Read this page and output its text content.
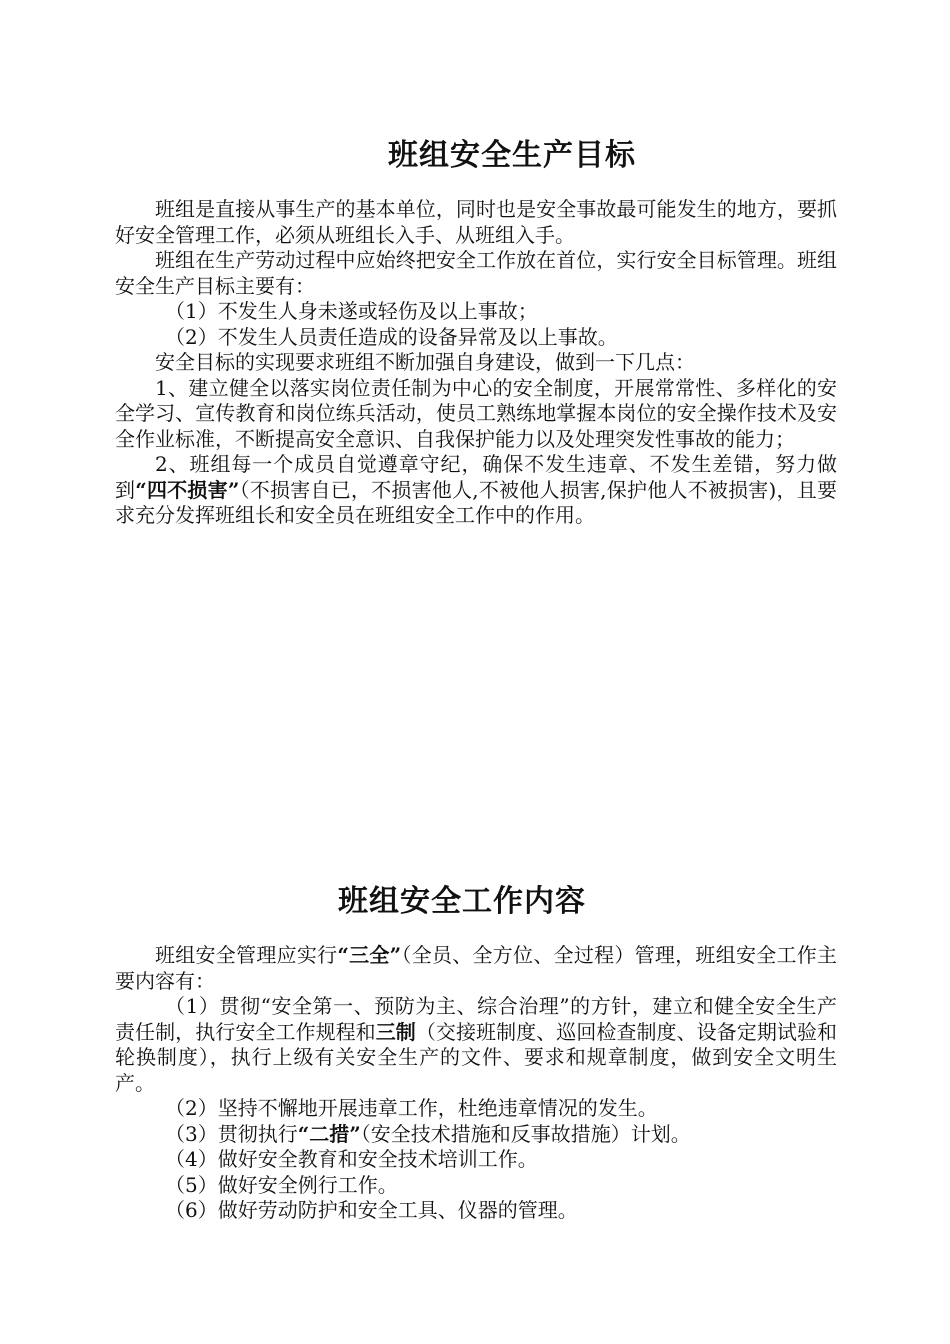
班组安全生产目标

班组是直接从事生产的基本单位，同时也是安全事故最可能发生的地方，要抓好安全管理工作，必须从班组长入手、从班组入手。

班组在生产劳动过程中应始终把安全工作放在首位，实行安全目标管理。班组安全生产目标主要有：

（1）不发生人身未遂或轻伤及以上事故；

（2）不发生人员责任造成的设备异常及以上事故。

安全目标的实现要求班组不断加强自身建设，做到一下几点：

1、建立健全以落实岗位责任制为中心的安全制度，开展常常性、多样化的安全学习、宣传教育和岗位练兵活动，使员工熟练地掌握本岗位的安全操作技术及安全作业标准，不断提高安全意识、自我保护能力以及处理突发性事故的能力；

2、班组每一个成员自觉遵章守纪，确保不发生违章、不发生差错，努力做到“四不损害”（不损害自已，不损害他人,不被他人损害,保护他人不被损害)，且要求充分发挥班组长和安全员在班组安全工作中的作用。

班组安全工作内容

班组安全管理应实行“三全”（全员、全方位、全过程）管理，班组安全工作主要内容有：

（1）贯彻“安全第一、预防为主、综合治理”的方针，建立和健全安全生产责任制，执行安全工作规程和三制（交接班制度、巡回检查制度、设备定期试验和轮换制度），执行上级有关安全生产的文件、要求和规章制度，做到安全文明生产。

（2）坚持不懈地开展违章工作，杜绝违章情况的发生。

（3）贯彻执行“二措”（安全技术措施和反事故措施）计划。

（4）做好安全教育和安全技术培训工作。

（5）做好安全例行工作。

（6）做好劳动防护和安全工具、仪器的管理。
